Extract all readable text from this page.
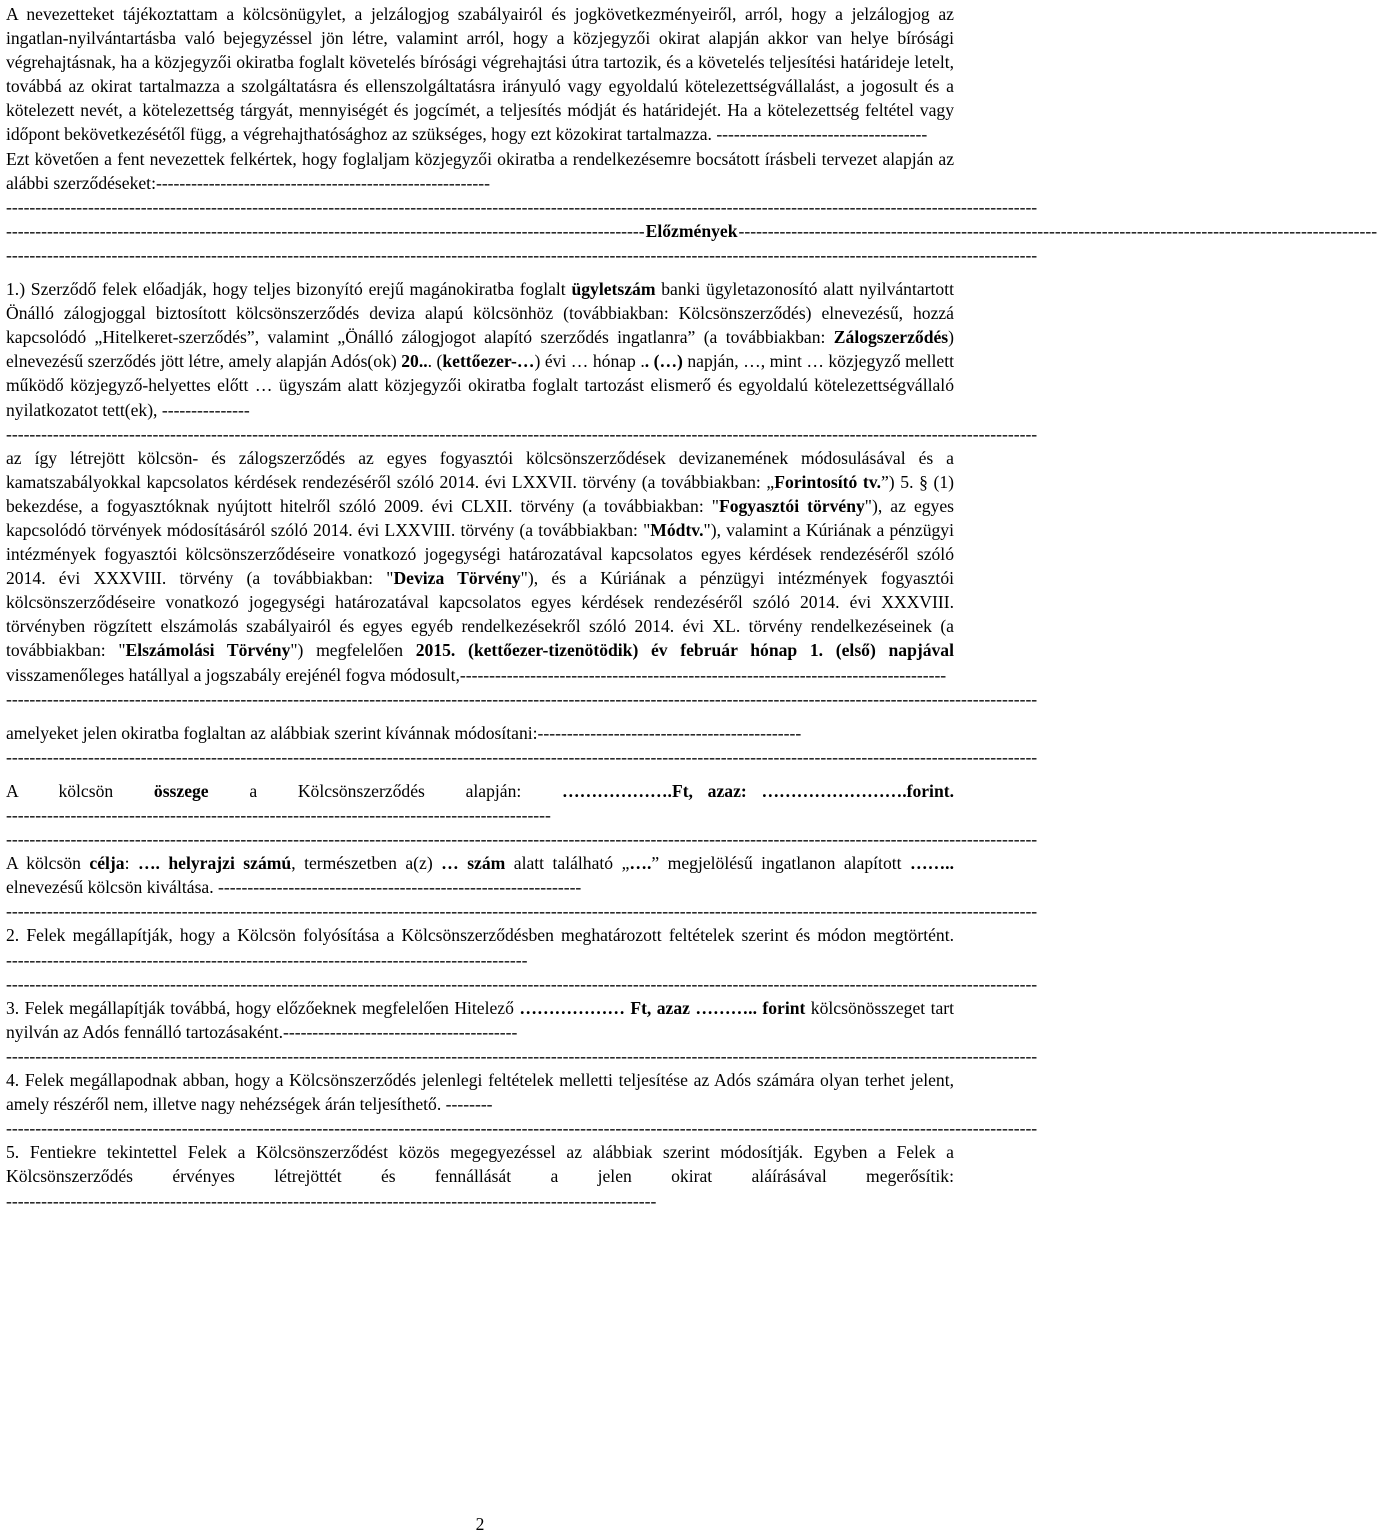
A nevezetteket tájékoztattam a kölcsönügylet, a jelzálogjog szabályairól és jogkövetkezményeiről, arról, hogy a jelzálogjog az ingatlan-nyilvántartásba való bejegyzéssel jön létre, valamint arról, hogy a közjegyzői okirat alapján akkor van helye bírósági végrehajtásnak, ha a közjegyzői okiratba foglalt követelés bírósági végrehajtási útra tartozik, és a követelés teljesítési határideje letelt, továbbá az okirat tartalmazza a szolgáltatásra és ellenszolgáltatásra irányuló vagy egyoldalú kötelezettségvállalást, a jogosult és a kötelezett nevét, a kötelezettség tárgyát, mennyiségét és jogcímét, a teljesítés módját és határidejét. Ha a kötelezettség feltétel vagy időpont bekövetkezésétől függ, a végrehajthatósághoz az szükséges, hogy ezt közokirat tartalmazza. ------------------------------------

Ezt követően a fent nevezettek felkértek, hogy foglaljam közjegyzői okiratba a rendelkezésemre bocsátott írásbeli tervezet alapján az alábbi szerződéseket:---------------------------------------------------------

--------------------------------------------------------------------------------------------------------------------------------------------------------------------------------
------------------------------------------------------------------------------------------------------------- Előzmények -------------------------------------------------------------------------------------------------------------
--------------------------------------------------------------------------------------------------------------------------------------------------------------------------------

1.) Szerződő felek előadják, hogy teljes bizonyító erejű magánokiratba foglalt ügyletszám banki ügyletazonosító alatt nyilvántartott Önálló zálogjoggal biztosított kölcsönszerződés deviza alapú kölcsönhöz (továbbiakban: Kölcsönszerződés) elnevezésű, hozzá kapcsolódó „Hitelkeret-szerződés”, valamint „Önálló zálogjogot alapító szerződés ingatlanra” (a továbbiakban: Zálogszerződés) elnevezésű szerződés jött létre, amely alapján Adós(ok) 20... (kettőezer-…) évi … hónap .. (…) napján, …, mint … közjegyző mellett működő közjegyző-helyettes előtt … ügyszám alatt közjegyzői okiratba foglalt tartozást elismerő és egyoldalú kötelezettségvállaló nyilatkozatot tett(ek), ---------------

--------------------------------------------------------------------------------------------------------------------------------------------------------------------------------

az így létrejött kölcsön- és zálogszerződés az egyes fogyasztói kölcsönszerződések devizanemének módosulásával és a kamatszabályokkal kapcsolatos kérdések rendezéséről szóló 2014. évi LXXVII. törvény (a továbbiakban: „Forintosító tv.”) 5. § (1) bekezdése, a fogyasztóknak nyújtott hitelről szóló 2009. évi CLXII. törvény (a továbbiakban: "Fogyasztói törvény"), az egyes kapcsolódó törvények módosításáról szóló 2014. évi LXXVIII. törvény (a továbbiakban: "Módtv."), valamint a Kúriának a pénzügyi intézmények fogyasztói kölcsönszerződéseire vonatkozó jogegységi határozatával kapcsolatos egyes kérdések rendezéséről szóló 2014. évi XXXVIII. törvény (a továbbiakban: "Deviza Törvény"), és a Kúriának a pénzügyi intézmények fogyasztói kölcsönszerződéseire vonatkozó jogegységi határozatával kapcsolatos egyes kérdések rendezéséről szóló 2014. évi XXXVIII. törvényben rögzített elszámolás szabályairól és egyes egyéb rendelkezésekről szóló 2014. évi XL. törvény rendelkezéseinek (a továbbiakban: "Elszámolási Törvény") megfelelően 2015. (kettőezer-tizenötödik) év február hónap 1. (első) napjával visszamenőleges hatállyal a jogszabály erejénél fogva módosult,-----------------------------------------------------------------------------------

--------------------------------------------------------------------------------------------------------------------------------------------------------------------------------

amelyeket jelen okiratba foglaltan az alábbiak szerint kívánnak módosítani:---------------------------------------------

--------------------------------------------------------------------------------------------------------------------------------------------------------------------------------

A kölcsön összege a Kölcsönszerződés alapján: ……………….Ft, azaz: …………………….forint. ---------------------------------------------------------------------------------------------

--------------------------------------------------------------------------------------------------------------------------------------------------------------------------------

A kölcsön célja: …. helyrajzi számú, természetben a(z) … szám alatt található „….” megjelölésű ingatlanon alapított …….. elnevezésű kölcsön kiváltása. --------------------------------------------------------------

--------------------------------------------------------------------------------------------------------------------------------------------------------------------------------

2. Felek megállapítják, hogy a Kölcsön folyósítása a Kölcsönszerződésben meghatározott feltételek szerint és módon megtörtént. -----------------------------------------------------------------------------------------

--------------------------------------------------------------------------------------------------------------------------------------------------------------------------------

3. Felek megállapítják továbbá, hogy előzőeknek megfelelően Hitelező ……………… Ft, azaz ……….. forint kölcsönösszeget tart nyilván az Adós fennálló tartozásaként.----------------------------------------

--------------------------------------------------------------------------------------------------------------------------------------------------------------------------------

4. Felek megállapodnak abban, hogy a Kölcsönszerződés jelenlegi feltételek melletti teljesítése az Adós számára olyan terhet jelent, amely részéről nem, illetve nagy nehézségek árán teljesíthető. --------

--------------------------------------------------------------------------------------------------------------------------------------------------------------------------------

5. Fentiekre tekintettel Felek a Kölcsönszerződést közös megegyezéssel az alábbiak szerint módosítják. Egyben a Felek a Kölcsönszerződés érvényes létrejöttét és fennállását a jelen okirat aláírásával megerősítik: ---------------------------------------------------------------------------------------------------------------

2
